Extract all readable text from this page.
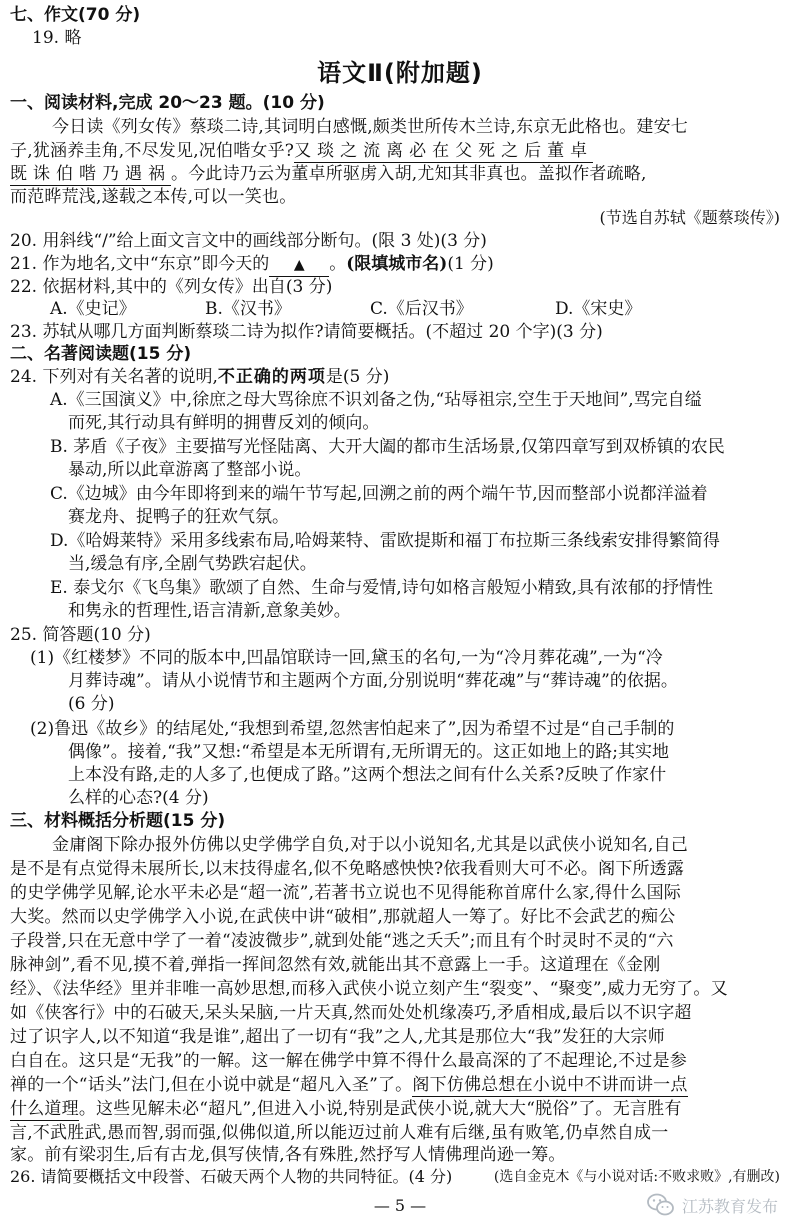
七、作文(70 分)
19. 略
语文Ⅱ(附加题)
一、阅读材料,完成 20～23 题。(10 分)
今日读《列女传》蔡琰二诗,其词明白感慨,颇类世所传木兰诗,东京无此格也。建安七
子,犹涵养圭角,不尽发见,况伯喈女乎?又琰之流离必在父死之后董卓
既诛伯喈乃遇祸。今此诗乃云为董卓所驱虏入胡,尤知其非真也。盖拟作者疏略,
而范晔荒浅,遂载之本传,可以一笑也。
(节选自苏轼《题蔡琰传》)
20. 用斜线“/”给上面文言文中的画线部分断句。(限 3 处)(3 分)
21. 作为地名,文中“东京”即今天的 ▲ 。(限填城市名)(1 分)
22. 依据材料,其中的《列女传》出自(3 分)
A.《史记》	B.《汉书》	C.《后汉书》	D.《宋史》
23. 苏轼从哪几方面判断蔡琰二诗为拟作?请简要概括。(不超过 20 个字)(3 分)
二、名著阅读题(15 分)
24. 下列对有关名著的说明,不正确的两项是(5 分)
A.《三国演义》中,徐庶之母大骂徐庶不识刘备之伪,“玷辱祖宗,空生于天地间”,骂完自缢
而死,其行动具有鲜明的拥曹反刘的倾向。
B. 茅盾《子夜》主要描写光怪陆离、大开大阖的都市生活场景,仅第四章写到双桥镇的农民
暴动,所以此章游离了整部小说。
C.《边城》由今年即将到来的端午节写起,回溯之前的两个端午节,因而整部小说都洋溢着
赛龙舟、捉鸭子的狂欢气氛。
D.《哈姆莱特》采用多线索布局,哈姆莱特、雷欧提斯和福丁布拉斯三条线索安排得繁简得
当,缓急有序,全剧气势跌宕起伏。
E. 泰戈尔《飞鸟集》歌颂了自然、生命与爱情,诗句如格言般短小精致,具有浓郁的抒情性
和隽永的哲理性,语言清新,意象美妙。
25. 简答题(10 分)
(1)《红楼梦》不同的版本中,凹晶馆联诗一回,黛玉的名句,一为“冷月葬花魂”,一为“冷
月葬诗魂”。请从小说情节和主题两个方面,分别说明“葬花魂”与“葬诗魂”的依据。
(6 分)
(2)鲁迅《故乡》的结尾处,“我想到希望,忽然害怕起来了”,因为希望不过是“自己手制的
偶像”。接着,“我”又想:“希望是本无所谓有,无所谓无的。这正如地上的路;其实地
上本没有路,走的人多了,也便成了路。”这两个想法之间有什么关系?反映了作家什
么样的心态?(4 分)
三、材料概括分析题(15 分)
金庸阁下除办报外仿佛以史学佛学自负,对于以小说知名,尤其是以武侠小说知名,自己
是不是有点觉得未展所长,以末技得虚名,似不免略感怏怏?依我看则大可不必。阁下所透露
的史学佛学见解,论水平未必是“超一流”,若著书立说也不见得能称首席什么家,得什么国际
大奖。然而以史学佛学入小说,在武侠中讲“破相”,那就超人一筹了。好比不会武艺的痴公
子段誉,只在无意中学了一着“凌波微步”,就到处能“逃之夭夭”;而且有个时灵时不灵的“六
脉神剑”,看不见,摸不着,弹指一挥间忽然有效,就能出其不意露上一手。这道理在《金刚
经》、《法华经》里并非唯一高妙思想,而移入武侠小说立刻产生“裂变”、“聚变”,威力无穷了。又
如《侠客行》中的石破天,呆头呆脑,一片天真,然而处处机缘凑巧,矛盾相成,最后以不识字超
过了识字人,以不知道“我是谁”,超出了一切有“我”之人,尤其是那位大“我”发狂的大宗师
白自在。这只是“无我”的一解。这一解在佛学中算不得什么最高深的了不起理论,不过是参
禅的一个“话头”法门,但在小说中就是“超凡入圣”了。阁下仿佛总想在小说中不讲而讲一点
什么道理。这些见解未必“超凡”,但进入小说,特别是武侠小说,就大大“脱俗”了。无言胜有
言,不武胜武,愚而智,弱而强,似佛似道,所以能迈过前人难有后继,虽有败笔,仍卓然自成一
家。前有梁羽生,后有古龙,俱写侠情,各有殊胜,然抒写人情佛理尚逊一筹。
(选自金克木《与小说对话:不败求败》,有删改)
26. 请简要概括文中段誉、石破天两个人物的共同特征。(4 分)
— 5 —	江苏教育发布
